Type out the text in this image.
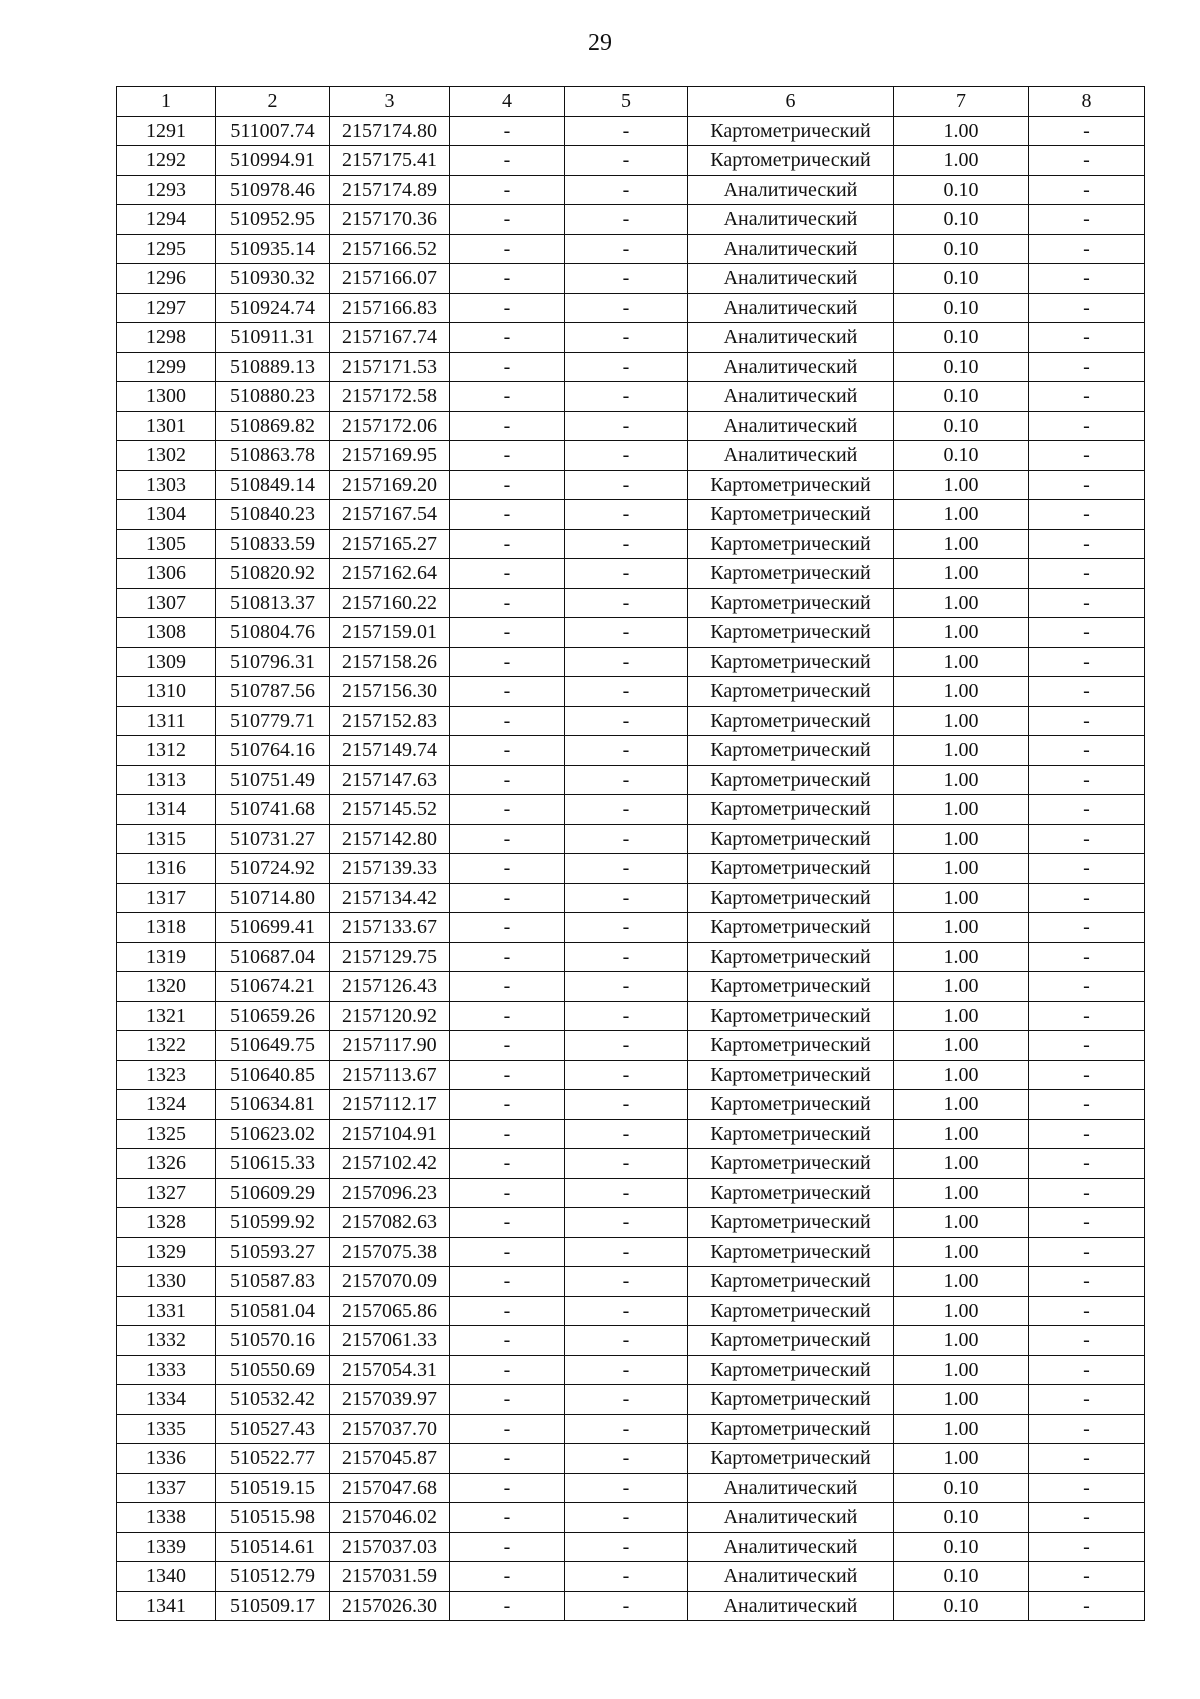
29
1	2	3	4	5	6	7	8
1291	511007.74	2157174.80	-	-	Картометрический	1.00	-
1292	510994.91	2157175.41	-	-	Картометрический	1.00	-
1293	510978.46	2157174.89	-	-	Аналитический	0.10	-
1294	510952.95	2157170.36	-	-	Аналитический	0.10	-
1295	510935.14	2157166.52	-	-	Аналитический	0.10	-
1296	510930.32	2157166.07	-	-	Аналитический	0.10	-
1297	510924.74	2157166.83	-	-	Аналитический	0.10	-
1298	510911.31	2157167.74	-	-	Аналитический	0.10	-
1299	510889.13	2157171.53	-	-	Аналитический	0.10	-
1300	510880.23	2157172.58	-	-	Аналитический	0.10	-
1301	510869.82	2157172.06	-	-	Аналитический	0.10	-
1302	510863.78	2157169.95	-	-	Аналитический	0.10	-
1303	510849.14	2157169.20	-	-	Картометрический	1.00	-
1304	510840.23	2157167.54	-	-	Картометрический	1.00	-
1305	510833.59	2157165.27	-	-	Картометрический	1.00	-
1306	510820.92	2157162.64	-	-	Картометрический	1.00	-
1307	510813.37	2157160.22	-	-	Картометрический	1.00	-
1308	510804.76	2157159.01	-	-	Картометрический	1.00	-
1309	510796.31	2157158.26	-	-	Картометрический	1.00	-
1310	510787.56	2157156.30	-	-	Картометрический	1.00	-
1311	510779.71	2157152.83	-	-	Картометрический	1.00	-
1312	510764.16	2157149.74	-	-	Картометрический	1.00	-
1313	510751.49	2157147.63	-	-	Картометрический	1.00	-
1314	510741.68	2157145.52	-	-	Картометрический	1.00	-
1315	510731.27	2157142.80	-	-	Картометрический	1.00	-
1316	510724.92	2157139.33	-	-	Картометрический	1.00	-
1317	510714.80	2157134.42	-	-	Картометрический	1.00	-
1318	510699.41	2157133.67	-	-	Картометрический	1.00	-
1319	510687.04	2157129.75	-	-	Картометрический	1.00	-
1320	510674.21	2157126.43	-	-	Картометрический	1.00	-
1321	510659.26	2157120.92	-	-	Картометрический	1.00	-
1322	510649.75	2157117.90	-	-	Картометрический	1.00	-
1323	510640.85	2157113.67	-	-	Картометрический	1.00	-
1324	510634.81	2157112.17	-	-	Картометрический	1.00	-
1325	510623.02	2157104.91	-	-	Картометрический	1.00	-
1326	510615.33	2157102.42	-	-	Картометрический	1.00	-
1327	510609.29	2157096.23	-	-	Картометрический	1.00	-
1328	510599.92	2157082.63	-	-	Картометрический	1.00	-
1329	510593.27	2157075.38	-	-	Картометрический	1.00	-
1330	510587.83	2157070.09	-	-	Картометрический	1.00	-
1331	510581.04	2157065.86	-	-	Картометрический	1.00	-
1332	510570.16	2157061.33	-	-	Картометрический	1.00	-
1333	510550.69	2157054.31	-	-	Картометрический	1.00	-
1334	510532.42	2157039.97	-	-	Картометрический	1.00	-
1335	510527.43	2157037.70	-	-	Картометрический	1.00	-
1336	510522.77	2157045.87	-	-	Картометрический	1.00	-
1337	510519.15	2157047.68	-	-	Аналитический	0.10	-
1338	510515.98	2157046.02	-	-	Аналитический	0.10	-
1339	510514.61	2157037.03	-	-	Аналитический	0.10	-
1340	510512.79	2157031.59	-	-	Аналитический	0.10	-
1341	510509.17	2157026.30	-	-	Аналитический	0.10	-
